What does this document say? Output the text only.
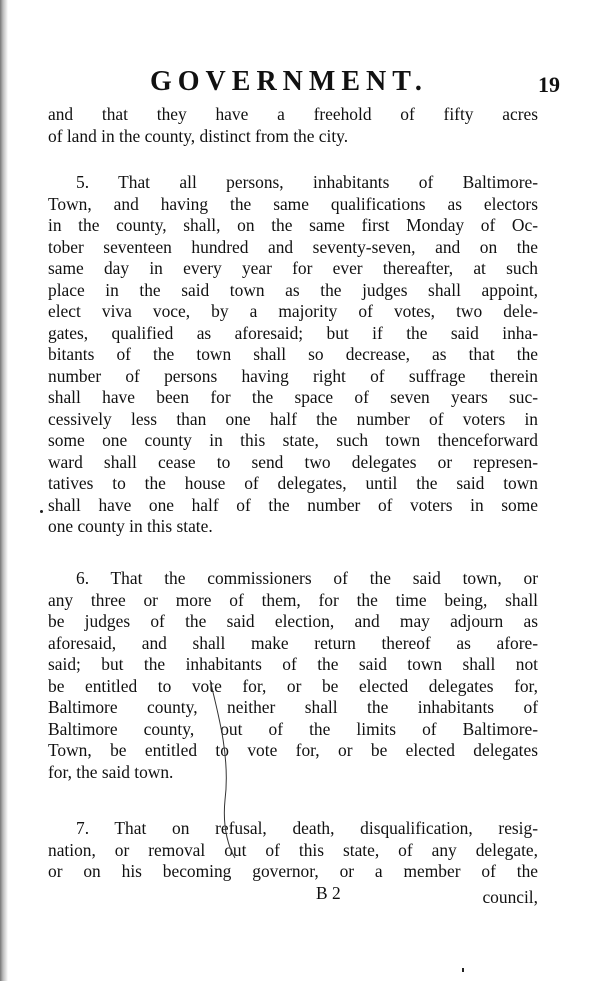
GOVERNMENT.	19
and that they have a freehold of fifty acres
of land in the county, distinct from the city.
5. That all persons, inhabitants of Baltimore-
Town, and having the same qualifications as electors
in the county, shall, on the same first Monday of Oc-
tober seventeen hundred and seventy-seven, and on the
same day in every year for ever thereafter, at such
place in the said town as the judges shall appoint,
elect viva voce, by a majority of votes, two dele-
gates, qualified as aforesaid; but if the said inha-
bitants of the town shall so decrease, as that the
number of persons having right of suffrage therein
shall have been for the space of seven years suc-
cessively less than one half the number of voters in
some one county in this state, such town thenceforward
ward shall cease to send two delegates or represen-
tatives to the house of delegates, until the said town
shall have one half of the number of voters in some
one county in this state.
6. That the commissioners of the said town, or
any three or more of them, for the time being, shall
be judges of the said election, and may adjourn as
aforesaid, and shall make return thereof as afore-
said; but the inhabitants of the said town shall not
be entitled to vote for, or be elected delegates for,
Baltimore county, neither shall the inhabitants of
Baltimore county, out of the limits of Baltimore-
Town, be entitled to vote for, or be elected delegates
for, the said town.
7. That on refusal, death, disqualification, resig-
nation, or removal out of this state, of any delegate,
or on his becoming governor, or a member of the
B 2	council,
